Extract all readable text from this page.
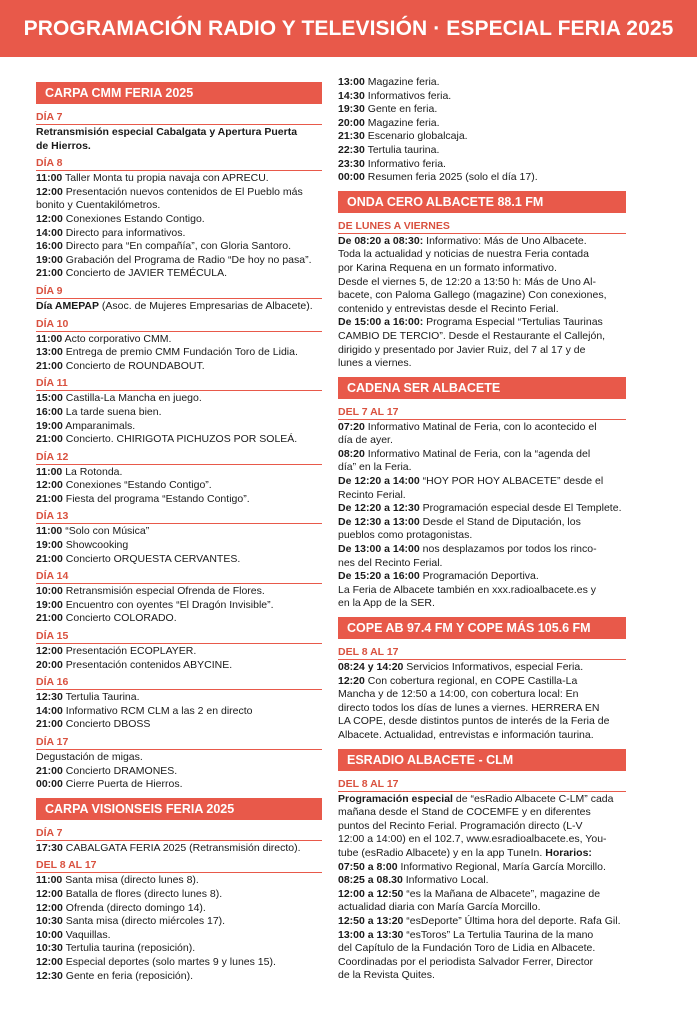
PROGRAMACIÓN RADIO Y TELEVISIÓN · ESPECIAL FERIA 2025
CARPA CMM FERIA 2025
DÍA 7
Retransmisión especial Cabalgata y Apertura Puerta
de Hierros.
DÍA 8
11:00 Taller Monta tu propia navaja con APRECU.
12:00 Presentación nuevos contenidos de El Pueblo más
bonito y Cuentakilómetros.
12:00 Conexiones Estando Contigo.
14:00 Directo para informativos.
16:00 Directo para “En compañía”, con Gloria Santoro.
19:00 Grabación del Programa de Radio “De hoy no pasa”.
21:00 Concierto de JAVIER TEMÉCULA.
DÍA 9
Día AMEPAP (Asoc. de Mujeres Empresarias de Albacete).
DÍA 10
11:00 Acto corporativo CMM.
13:00 Entrega de premio CMM Fundación Toro de Lidia.
21:00 Concierto de ROUNDABOUT.
DÍA 11
15:00 Castilla-La Mancha en juego.
16:00 La tarde suena bien.
19:00 Amparanimals.
21:00 Concierto. CHIRIGOTA PICHUZOS POR SOLEÁ.
DÍA 12
11:00 La Rotonda.
12:00 Conexiones “Estando Contigo”.
21:00 Fiesta del programa “Estando Contigo”.
DÍA 13
11:00 “Solo con Música”
19:00 Showcooking
21:00 Concierto ORQUESTA CERVANTES.
DÍA 14
10:00 Retransmisión especial Ofrenda de Flores.
19:00 Encuentro con oyentes “El Dragón Invisible”.
21:00 Concierto COLORADO.
DÍA 15
12:00 Presentación ECOPLAYER.
20:00 Presentación contenidos ABYCINE.
DÍA 16
12:30 Tertulia Taurina.
14:00 Informativo RCM CLM a las 2 en directo
21:00 Concierto DBOSS
DÍA 17
Degustación de migas.
21:00 Concierto DRAMONES.
00:00 Cierre Puerta de Hierros.
CARPA VISIONSEIS FERIA 2025
DÍA 7
17:30 CABALGATA FERIA 2025 (Retransmisión directo).
DEL 8 AL 17
11:00 Santa misa (directo lunes 8).
12:00 Batalla de flores (directo lunes 8).
12:00 Ofrenda (directo domingo 14).
10:30 Santa misa (directo miércoles 17).
10:00 Vaquillas.
10:30 Tertulia taurina (reposición).
12:00 Especial deportes (solo martes 9 y lunes 15).
12:30 Gente en feria (reposición).
13:00 Magazine feria.
14:30 Informativos feria.
19:30 Gente en feria.
20:00 Magazine feria.
21:30 Escenario globalcaja.
22:30 Tertulia taurina.
23:30 Informativo feria.
00:00 Resumen feria 2025 (solo el día 17).
ONDA CERO ALBACETE 88.1 FM
DE LUNES A VIERNES
De 08:20 a 08:30: Informativo: Más de Uno Albacete.
Toda la actualidad y noticias de nuestra Feria contada
por Karina Requena en un formato informativo.
Desde el viernes 5, de 12:20 a 13:50 h: Más de Uno Al-
bacete, con Paloma Gallego (magazine) Con conexiones,
contenido y entrevistas desde el Recinto Ferial.
De 15:00 a 16:00: Programa Especial “Tertulias Taurinas
CAMBIO DE TERCIO”. Desde el Restaurante el Callejón,
dirigido y presentado por Javier Ruiz, del 7 al 17 y de
lunes a viernes.
CADENA SER ALBACETE
DEL 7 AL 17
07:20 Informativo Matinal de Feria, con lo acontecido el
día de ayer.
08:20 Informativo Matinal de Feria, con la “agenda del
día” en la Feria.
De 12:20 a 14:00 “HOY POR HOY ALBACETE” desde el
Recinto Ferial.
De 12:20 a 12:30 Programación especial desde El Templete.
De 12:30 a 13:00 Desde el Stand de Diputación, los
pueblos como protagonistas.
De 13:00 a 14:00 nos desplazamos por todos los rinco-
nes del Recinto Ferial.
De 15:20 a 16:00 Programación Deportiva.
La Feria de Albacete también en xxx.radioalbacete.es y
en la App de la SER.
COPE AB 97.4 FM Y COPE MÁS 105.6 FM
DEL 8 AL 17
08:24 y 14:20 Servicios Informativos, especial Feria.
12:20 Con cobertura regional, en COPE Castilla-La
Mancha y de 12:50 a 14:00, con cobertura local: En
directo todos los días de lunes a viernes. HERRERA EN
LA COPE, desde distintos puntos de interés de la Feria de
Albacete. Actualidad, entrevistas e información taurina.
ESRADIO ALBACETE - CLM
DEL 8 AL 17
Programación especial de “esRadio Albacete C-LM” cada
mañana desde el Stand de COCEMFE y en diferentes
puntos del Recinto Ferial. Programación directo (L-V
12:00 a 14:00) en el 102.7, www.esradioalbacete.es, You-
tube (esRadio Albacete) y en la app TuneIn. Horarios:
07:50 a 8:00 Informativo Regional, María García Morcillo.
08:25 a 08.30 Informativo Local.
12:00 a 12:50 “es la Mañana de Albacete”, magazine de
actualidad diaria con María García Morcillo.
12:50 a 13:20 “esDeporte” Última hora del deporte. Rafa Gil.
13:00 a 13:30 “esToros” La Tertulia Taurina de la mano
del Capítulo de la Fundación Toro de Lidia en Albacete.
Coordinadas por el periodista Salvador Ferrer, Director
de la Revista Quites.
